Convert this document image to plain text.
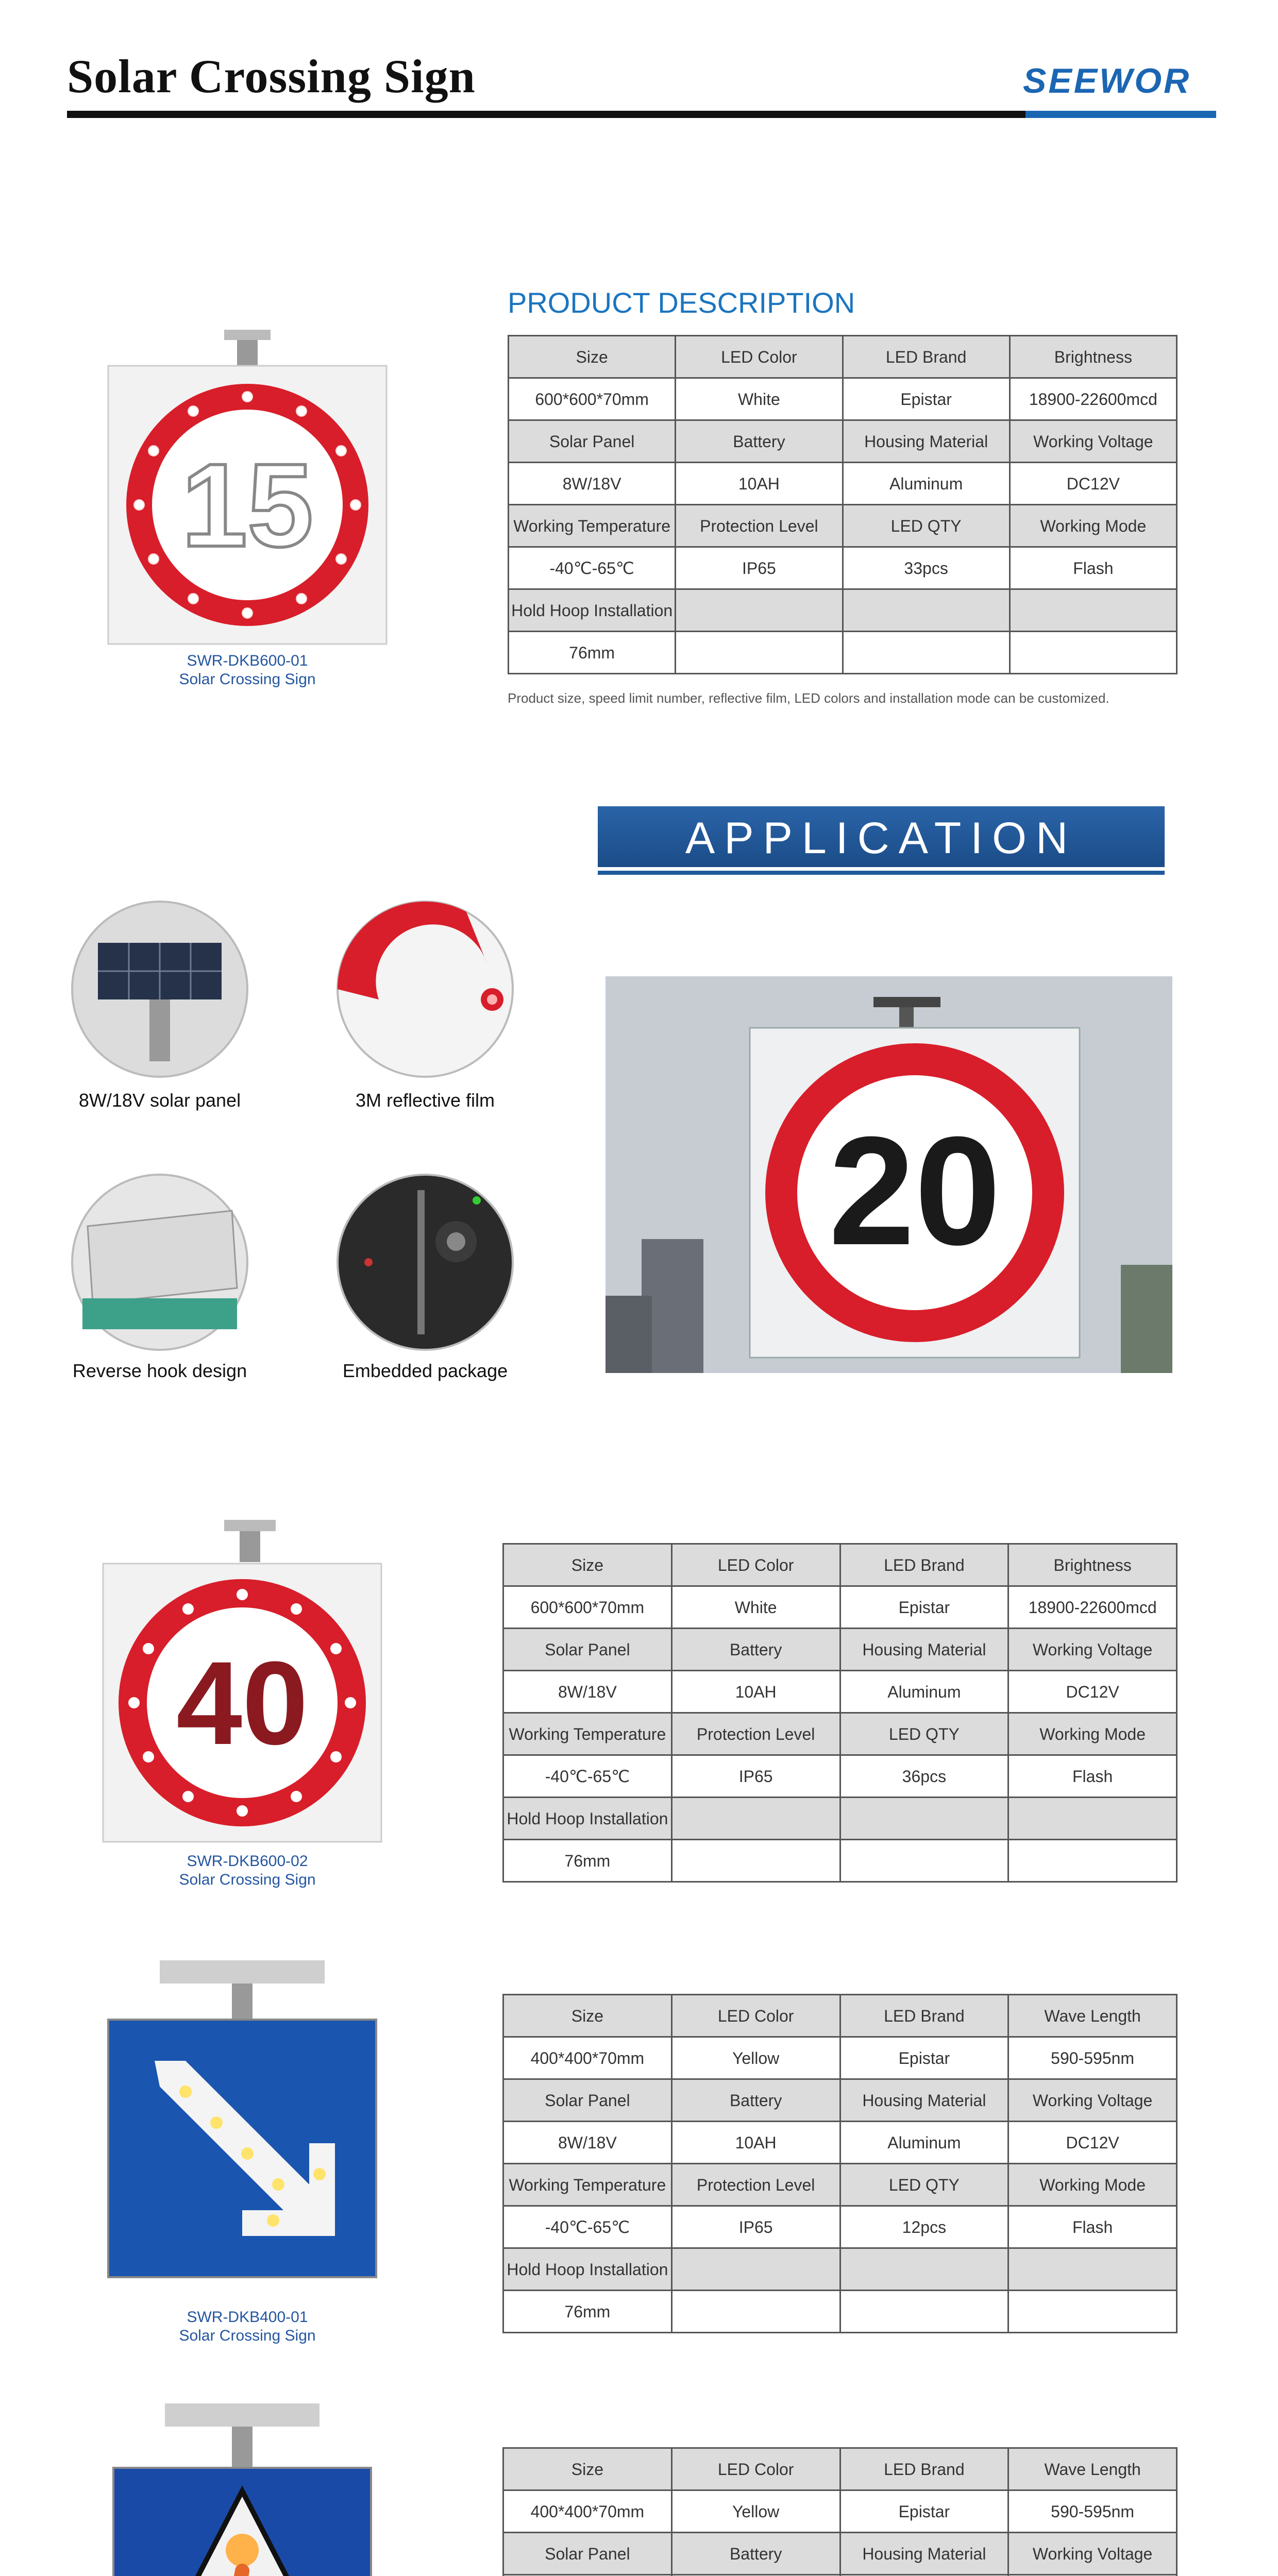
Solar Crossing Sign	SEEWOR
PRODUCT DESCRIPTION
Product size, speed limit number, reflective film, LED colors and installation mode can be customized.
15
SWR-DKB600-01
Solar Crossing Sign
Size	LED Color	LED Brand	Brightness
600*600*70mm	White	Epistar	18900-22600mcd
Solar Panel	Battery	Housing Material	Working Voltage
8W/18V	10AH	Aluminum	DC12V
Working Temperature	Protection Level	LED QTY	Working Mode
-40℃-65℃	IP65	33pcs	Flash
Hold Hoop Installation			
76mm			
APPLICATION
8W/18V solar panel	3M reflective film
Reverse hook design	Embedded package
20
40
SWR-DKB600-02
Solar Crossing Sign
Size	LED Color	LED Brand	Brightness
600*600*70mm	White	Epistar	18900-22600mcd
Solar Panel	Battery	Housing Material	Working Voltage
8W/18V	10AH	Aluminum	DC12V
Working Temperature	Protection Level	LED QTY	Working Mode
-40℃-65℃	IP65	36pcs	Flash
Hold Hoop Installation			
76mm			
SWR-DKB400-01
Solar Crossing Sign
Size	LED Color	LED Brand	Wave Length
400*400*70mm	Yellow	Epistar	590-595nm
Solar Panel	Battery	Housing Material	Working Voltage
8W/18V	10AH	Aluminum	DC12V
Working Temperature	Protection Level	LED QTY	Working Mode
-40℃-65℃	IP65	12pcs	Flash
Hold Hoop Installation			
76mm			
Size	LED Color	LED Brand	Wave Length
400*400*70mm	Yellow	Epistar	590-595nm
Solar Panel	Battery	Housing Material	Working Voltage
